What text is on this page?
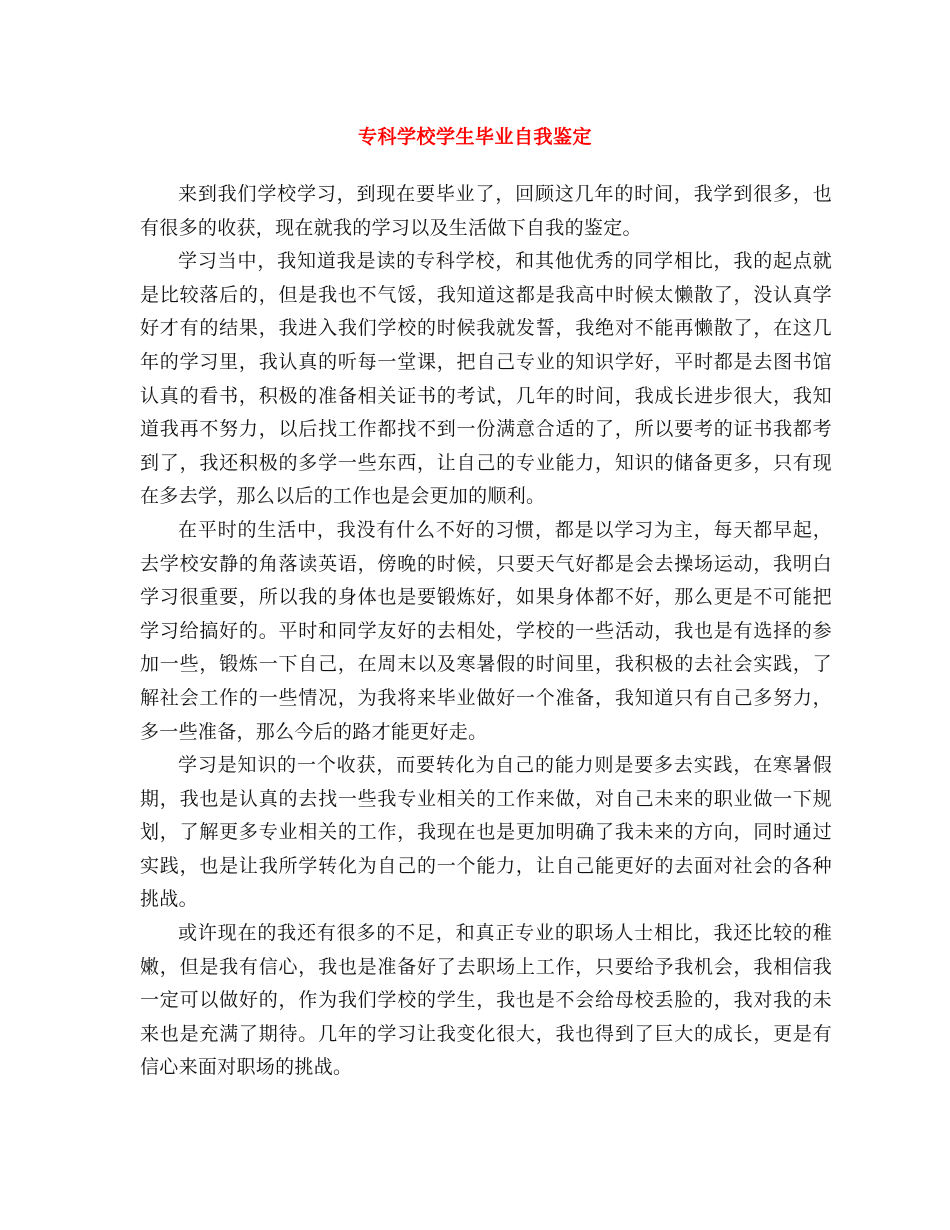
专科学校学生毕业自我鉴定

来到我们学校学习，到现在要毕业了，回顾这几年的时间，我学到很多，也有很多的收获，现在就我的学习以及生活做下自我的鉴定。

学习当中，我知道我是读的专科学校，和其他优秀的同学相比，我的起点就是比较落后的，但是我也不气馁，我知道这都是我高中时候太懒散了，没认真学好才有的结果，我进入我们学校的时候我就发誓，我绝对不能再懒散了，在这几年的学习里，我认真的听每一堂课，把自己专业的知识学好，平时都是去图书馆认真的看书，积极的准备相关证书的考试，几年的时间，我成长进步很大，我知道我再不努力，以后找工作都找不到一份满意合适的了，所以要考的证书我都考到了，我还积极的多学一些东西，让自己的专业能力，知识的储备更多，只有现在多去学，那么以后的工作也是会更加的顺利。

在平时的生活中，我没有什么不好的习惯，都是以学习为主，每天都早起，去学校安静的角落读英语，傍晚的时候，只要天气好都是会去操场运动，我明白学习很重要，所以我的身体也是要锻炼好，如果身体都不好，那么更是不可能把学习给搞好的。平时和同学友好的去相处，学校的一些活动，我也是有选择的参加一些，锻炼一下自己，在周末以及寒暑假的时间里，我积极的去社会实践，了解社会工作的一些情况，为我将来毕业做好一个准备，我知道只有自己多努力，多一些准备，那么今后的路才能更好走。

学习是知识的一个收获，而要转化为自己的能力则是要多去实践，在寒暑假期，我也是认真的去找一些我专业相关的工作来做，对自己未来的职业做一下规划，了解更多专业相关的工作，我现在也是更加明确了我未来的方向，同时通过实践，也是让我所学转化为自己的一个能力，让自己能更好的去面对社会的各种挑战。

或许现在的我还有很多的不足，和真正专业的职场人士相比，我还比较的稚嫩，但是我有信心，我也是准备好了去职场上工作，只要给予我机会，我相信我一定可以做好的，作为我们学校的学生，我也是不会给母校丢脸的，我对我的未来也是充满了期待。几年的学习让我变化很大，我也得到了巨大的成长，更是有信心来面对职场的挑战。
